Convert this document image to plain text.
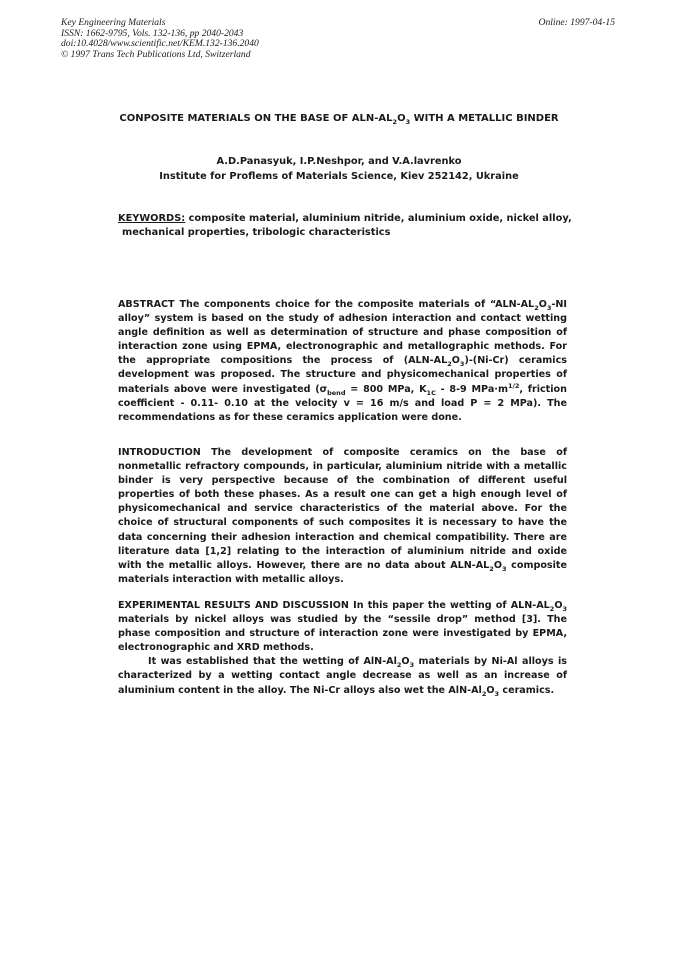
Key Engineering Materials
ISSN: 1662-9795, Vols. 132-136, pp 2040-2043
doi:10.4028/www.scientific.net/KEM.132-136.2040
© 1997 Trans Tech Publications Ltd, Switzerland
Online: 1997-04-15
CONPOSITE MATERIALS ON THE BASE OF ALN-$AL_2O_3$ WITH A METALLIC BINDER
A.D.Panasyuk, I.P.Neshpor, and V.A.lavrenko
Institute for Proflems of Materials Science, Kiev 252142, Ukraine
KEYWORDS: composite material, aluminium nitride, aluminium oxide, nickel alloy,
mechanical properties, tribologic characteristics

ABSTRACT The components choice for the composite materials of “$ALN-AL_2O_3-NI$ alloy” system is based on the study of adhesion interaction and contact wetting angle definition as well as determination of structure and phase composition of interaction zone using EPMA, electronographic and metallographic methods. For the appropriate compositions the process of $(ALN-AL_2O_3)-(Ni-Cr)$ ceramics development was proposed. The structure and physicomechanical properties of materials above were investigated ($\sigma_{bend} = 800$ MPa, $K_{1C} - 8-9$ $MPa\cdot m^{1/2}$, friction coefficient - 0.11- 0.10 at the velocity v = 16 m/s and load P = 2 MPa). The recommendations as for these ceramics application were done.

INTRODUCTION The development of composite ceramics on the base of nonmetallic refractory compounds, in particular, aluminium nitride with a metallic binder is very perspective because of the combination of different useful properties of both these phases. As a result one can get a high enough level of physicomechanical and service characteristics of the material above. For the choice of structural components of such composites it is necessary to have the data concerning their adhesion interaction and chemical compatibility. There are literature data [1,2] relating to the interaction of aluminium nitride and oxide with the metallic alloys. However, there are no data about ALN-$AL_2O_3$ composite materials interaction with metallic alloys.

EXPERIMENTAL RESULTS AND DISCUSSION In this paper the wetting of ALN-$AL_2O_3$ materials by nickel alloys was studied by the “sessile drop” method [3]. The phase composition and structure of interaction zone were investigated by EPMA, electronographic and XRD methods.

It was established that the wetting of AlN-$Al_2O_3$ materials by Ni-Al alloys is characterized by a wetting contact angle decrease as well as an increase of aluminium content in the alloy. The Ni-Cr alloys also wet the AlN-$Al_2O_3$ ceramics.
